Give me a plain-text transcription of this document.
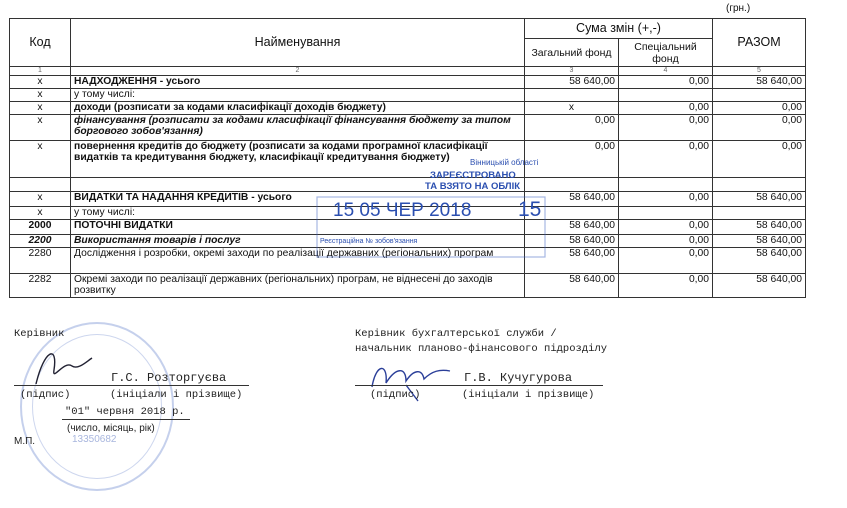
(грн.)
Код	Найменування	Сума змін (+,-)		РАЗОМ
		Загальний фонд	Спеціальний фонд	
1	2	3	4	5
x	НАДХОДЖЕННЯ - усього	58 640,00	0,00	58 640,00
x	у тому числі:			
x	доходи (розписати за кодами класифікації доходів бюджету)	x	0,00	0,00
x	фінансування (розписати за кодами класифікації фінансування бюджету за типом боргового зобов'язання)	0,00	0,00	0,00
x	повернення кредитів до бюджету (розписати за кодами програмної класифікації видатків та кредитування бюджету, класифікації кредитування бюджету)	0,00	0,00	0,00

x	ВИДАТКИ ТА НАДАННЯ КРЕДИТІВ - усього	58 640,00	0,00	58 640,00
x	у тому числі:			
2000	ПОТОЧНІ ВИДАТКИ	58 640,00	0,00	58 640,00
2200	Використання товарів і послуг	58 640,00	0,00	58 640,00
2280	Дослідження і розробки, окремі заходи по реалізації державних (регіональних) програм	58 640,00	0,00	58 640,00
2282	Окремі заходи по реалізації державних (регіональних) програм, не віднесені до заходів розвитку	58 640,00	0,00	58 640,00
Вінницькій області
ЗАРЕЄСТРОВАНО
ТА ВЗЯТО НА ОБЛІК
15 05 ЧЕР 2018 15
Реєстраційна № зобов'язання
13350682
Керівник
Г.С. Розторгуєва
(підпис)	(ініціали і прізвище)
"01" червня 2018 р.
(число, місяць, рік)
М.П.
Керівник бухгалтерської служби /
начальник планово-фінансового підрозділу
Г.В. Кучугурова
(підпис)	(ініціали і прізвище)
